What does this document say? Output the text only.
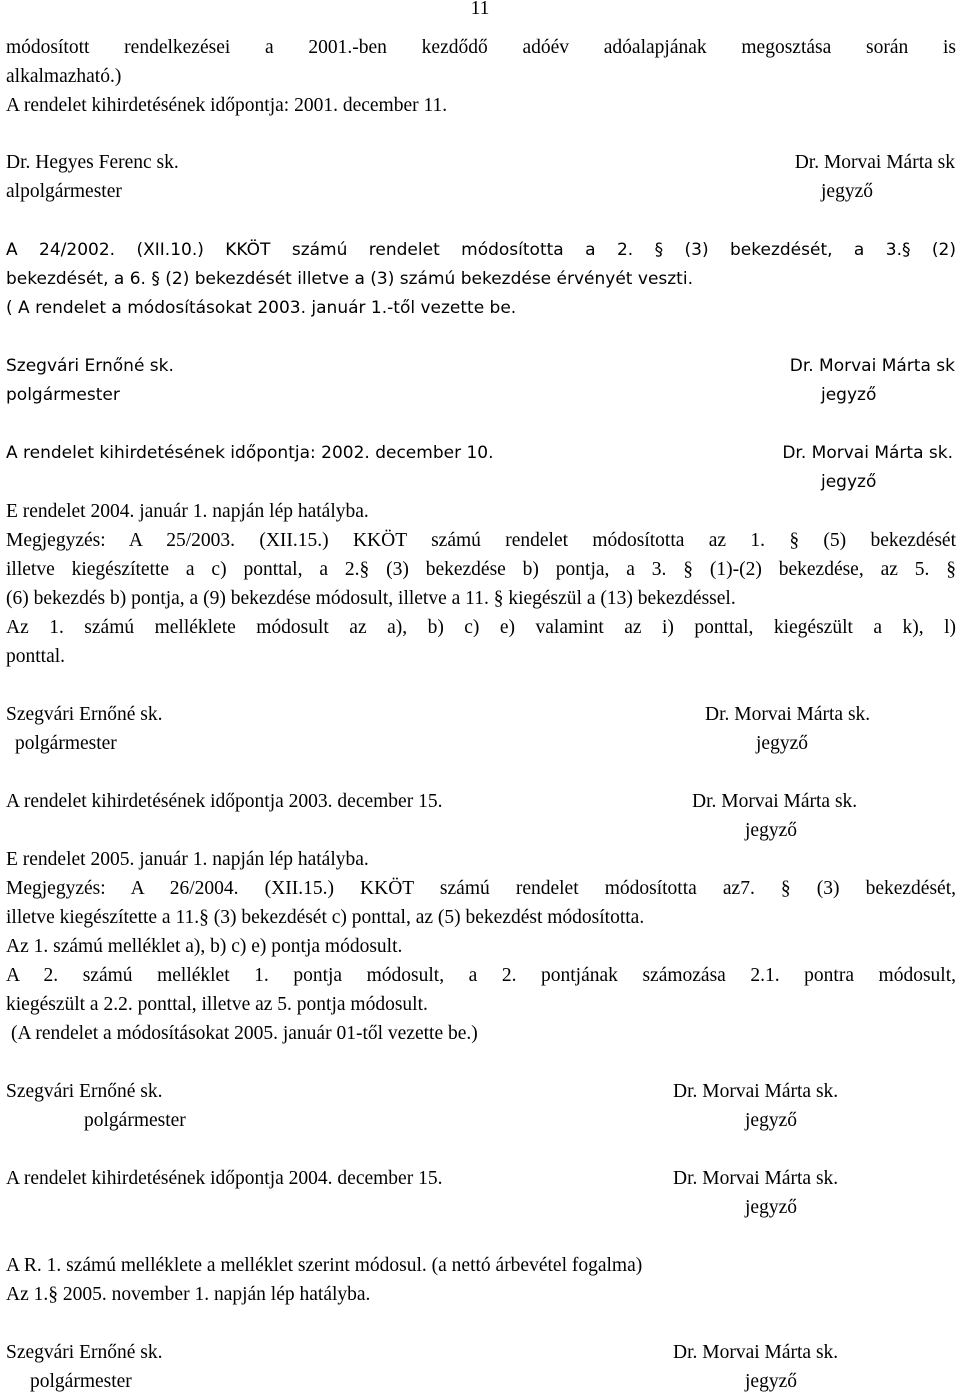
11
módosított rendelkezései a 2001.-ben kezdődő adóév adóalapjának megosztása során is
alkalmazható.)
A rendelet kihirdetésének időpontja: 2001. december 11.
Dr. Hegyes Ferenc sk.
alpolgármester
Dr. Morvai Márta sk
jegyző
A 24/2002. (XII.10.) KKÖT számú rendelet módosította a 2. § (3) bekezdését, a 3.§ (2)
bekezdését, a 6. § (2) bekezdését illetve a (3) számú bekezdése érvényét veszti.
( A rendelet a módosításokat 2003. január 1.-től vezette be.
Szegvári Ernőné sk.
polgármester
Dr. Morvai Márta sk
jegyző
A rendelet kihirdetésének időpontja: 2002. december 10.	Dr. Morvai Márta sk.
jegyző
E rendelet 2004. január 1. napján lép hatályba.
Megjegyzés: A 25/2003. (XII.15.) KKÖT számú rendelet módosította az 1. § (5) bekezdését
illetve kiegészítette a c) ponttal, a 2.§ (3) bekezdése b) pontja, a 3. § (1)-(2) bekezdése, az 5. §
(6) bekezdés b) pontja, a (9) bekezdése módosult, illetve a 11. § kiegészül a (13) bekezdéssel.
Az 1. számú melléklete módosult az a), b) c) e) valamint az i) ponttal, kiegészült a k), l)
ponttal.
Szegvári Ernőné sk.
polgármester
Dr. Morvai Márta sk.
jegyző
A rendelet kihirdetésének időpontja 2003. december 15.	Dr. Morvai Márta sk.
jegyző
E rendelet 2005. január 1. napján lép hatályba.
Megjegyzés: A 26/2004. (XII.15.) KKÖT számú rendelet módosította az7. § (3) bekezdését,
illetve kiegészítette a 11.§ (3) bekezdését c) ponttal, az (5) bekezdést módosította.
Az 1. számú melléklet a), b) c) e) pontja módosult.
A 2. számú melléklet 1. pontja módosult, a 2. pontjának számozása 2.1. pontra módosult,
kiegészült a 2.2. ponttal, illetve az 5. pontja módosult.
(A rendelet a módosításokat 2005. január 01-től vezette be.)
Szegvári Ernőné sk.
polgármester
Dr. Morvai Márta sk.
jegyző
A rendelet kihirdetésének időpontja 2004. december 15.	Dr. Morvai Márta sk.
jegyző
A R. 1. számú melléklete a melléklet szerint módosul. (a nettó árbevétel fogalma)
Az 1.§ 2005. november 1. napján lép hatályba.
Szegvári Ernőné sk.
polgármester
Dr. Morvai Márta sk.
jegyző
